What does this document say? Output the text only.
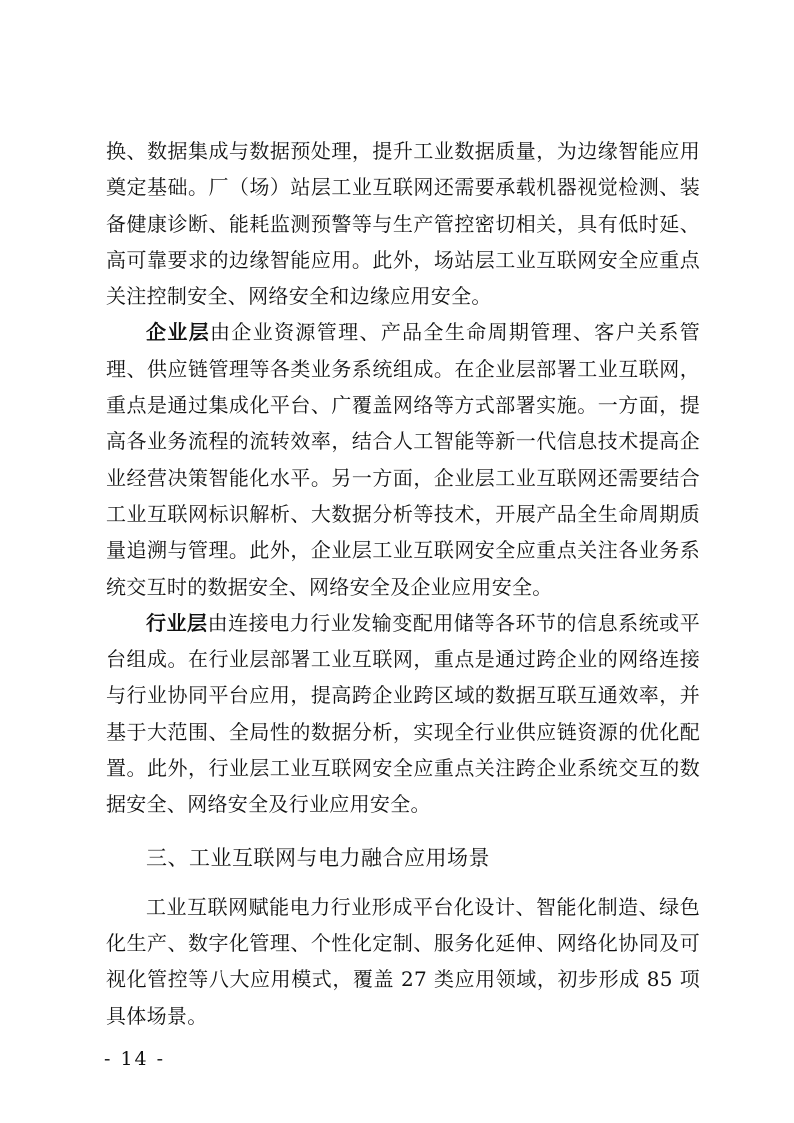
换、数据集成与数据预处理，提升工业数据质量，为边缘智能应用奠定基础。厂（场）站层工业互联网还需要承载机器视觉检测、装备健康诊断、能耗监测预警等与生产管控密切相关，具有低时延、高可靠要求的边缘智能应用。此外，场站层工业互联网安全应重点关注控制安全、网络安全和边缘应用安全。

企业层由企业资源管理、产品全生命周期管理、客户关系管理、供应链管理等各类业务系统组成。在企业层部署工业互联网，重点是通过集成化平台、广覆盖网络等方式部署实施。一方面，提高各业务流程的流转效率，结合人工智能等新一代信息技术提高企业经营决策智能化水平。另一方面，企业层工业互联网还需要结合工业互联网标识解析、大数据分析等技术，开展产品全生命周期质量追溯与管理。此外，企业层工业互联网安全应重点关注各业务系统交互时的数据安全、网络安全及企业应用安全。

行业层由连接电力行业发输变配用储等各环节的信息系统或平台组成。在行业层部署工业互联网，重点是通过跨企业的网络连接与行业协同平台应用，提高跨企业跨区域的数据互联互通效率，并基于大范围、全局性的数据分析，实现全行业供应链资源的优化配置。此外，行业层工业互联网安全应重点关注跨企业系统交互的数据安全、网络安全及行业应用安全。

三、工业互联网与电力融合应用场景

工业互联网赋能电力行业形成平台化设计、智能化制造、绿色化生产、数字化管理、个性化定制、服务化延伸、网络化协同及可视化管控等八大应用模式，覆盖 27 类应用领域，初步形成 85 项具体场景。

- 14 -
